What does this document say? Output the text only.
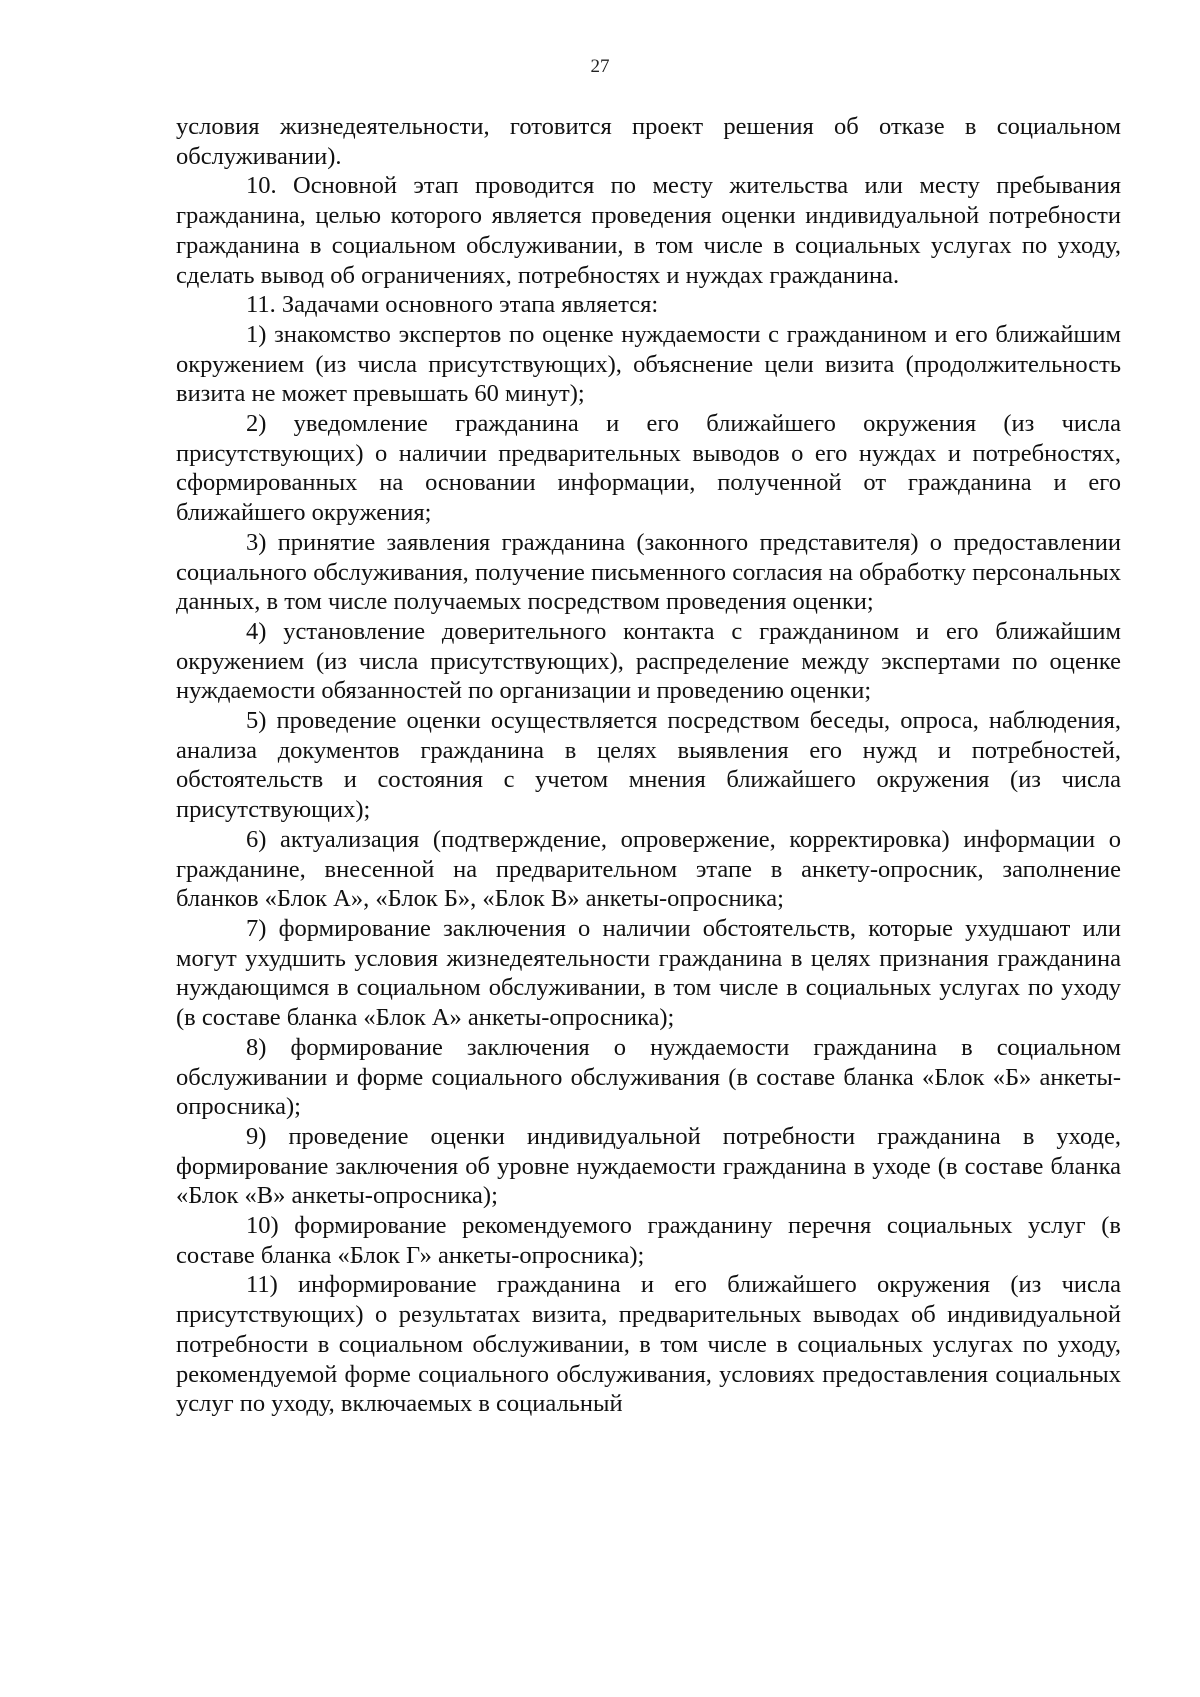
27

условия жизнедеятельности, готовится проект решения об отказе в социальном обслуживании).

10. Основной этап проводится по месту жительства или месту пребывания гражданина, целью которого является проведения оценки индивидуальной потребности гражданина в социальном обслуживании, в том числе в социальных услугах по уходу, сделать вывод об ограничениях, потребностях и нуждах гражданина.

11. Задачами основного этапа является:

1) знакомство экспертов по оценке нуждаемости с гражданином и его ближайшим окружением (из числа присутствующих), объяснение цели визита (продолжительность визита не может превышать 60 минут);

2) уведомление гражданина и его ближайшего окружения (из числа присутствующих) о наличии предварительных выводов о его нуждах и потребностях, сформированных на основании информации, полученной от гражданина и его ближайшего окружения;

3) принятие заявления гражданина (законного представителя) о предоставлении социального обслуживания, получение письменного согласия на обработку персональных данных, в том числе получаемых посредством проведения оценки;

4) установление доверительного контакта с гражданином и его ближайшим окружением (из числа присутствующих), распределение между экспертами по оценке нуждаемости обязанностей по организации и проведению оценки;

5) проведение оценки осуществляется посредством беседы, опроса, наблюдения, анализа документов гражданина в целях выявления его нужд и потребностей, обстоятельств и состояния с учетом мнения ближайшего окружения (из числа присутствующих);

6) актуализация (подтверждение, опровержение, корректировка) информации о гражданине, внесенной на предварительном этапе в анкету-опросник, заполнение бланков «Блок А», «Блок Б», «Блок В» анкеты-опросника;

7) формирование заключения о наличии обстоятельств, которые ухудшают или могут ухудшить условия жизнедеятельности гражданина в целях признания гражданина нуждающимся в социальном обслуживании, в том числе в социальных услугах по уходу (в составе бланка «Блок А» анкеты-опросника);

8) формирование заключения о нуждаемости гражданина в социальном обслуживании и форме социального обслуживания (в составе бланка «Блок «Б» анкеты-опросника);

9) проведение оценки индивидуальной потребности гражданина в уходе, формирование заключения об уровне нуждаемости гражданина в уходе (в составе бланка «Блок «В» анкеты-опросника);

10) формирование рекомендуемого гражданину перечня социальных услуг (в составе бланка «Блок Г» анкеты-опросника);

11) информирование гражданина и его ближайшего окружения (из числа присутствующих) о результатах визита, предварительных выводах об индивидуальной потребности в социальном обслуживании, в том числе в социальных услугах по уходу, рекомендуемой форме социального обслуживания, условиях предоставления социальных услуг по уходу, включаемых в социальный
